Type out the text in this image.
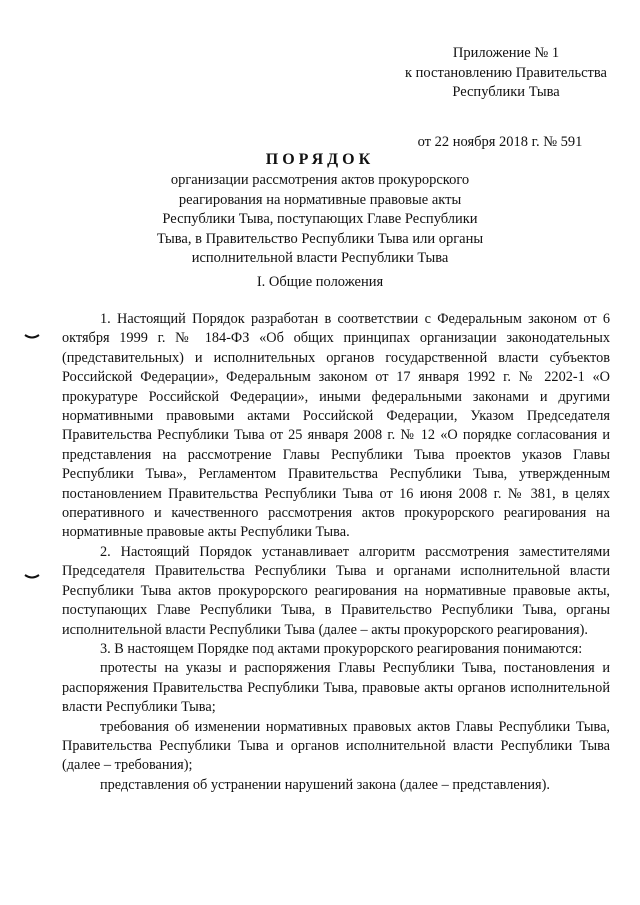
Приложение № 1
к постановлению Правительства
Республики Тыва
от 22 ноября 2018 г. № 591
ПОРЯДОК
организации рассмотрения актов прокурорского
реагирования на нормативные правовые акты
Республики Тыва, поступающих Главе Республики
Тыва, в Правительство Республики Тыва или органы
исполнительной власти Республики Тыва
I. Общие положения

1. Настоящий Порядок разработан в соответствии с Федеральным законом от 6 октября 1999 г. № 184-ФЗ «Об общих принципах организации законодательных (представительных) и исполнительных органов государственной власти субъектов Российской Федерации», Федеральным законом от 17 января 1992 г. № 2202-1 «О прокуратуре Российской Федерации», иными федеральными законами и другими нормативными правовыми актами Российской Федерации, Указом Председателя Правительства Республики Тыва от 25 января 2008 г. № 12 «О порядке согласования и представления на рассмотрение Главы Республики Тыва проектов указов Главы Республики Тыва», Регламентом Правительства Республики Тыва, утвержденным постановлением Правительства Республики Тыва от 16 июня 2008 г. № 381, в целях оперативного и качественного рассмотрения актов прокурорского реагирования на нормативные правовые акты Республики Тыва.

2. Настоящий Порядок устанавливает алгоритм рассмотрения заместителями Председателя Правительства Республики Тыва и органами исполнительной власти Республики Тыва актов прокурорского реагирования на нормативные правовые акты, поступающих Главе Республики Тыва, в Правительство Республики Тыва, органы исполнительной власти Республики Тыва (далее – акты прокурорского реагирования).

3. В настоящем Порядке под актами прокурорского реагирования понимаются:

протесты на указы и распоряжения Главы Республики Тыва, постановления и распоряжения Правительства Республики Тыва, правовые акты органов исполнительной власти Республики Тыва;

требования об изменении нормативных правовых актов Главы Республики Тыва, Правительства Республики Тыва и органов исполнительной власти Республики Тыва (далее – требования);

представления об устранении нарушений закона (далее – представления).
